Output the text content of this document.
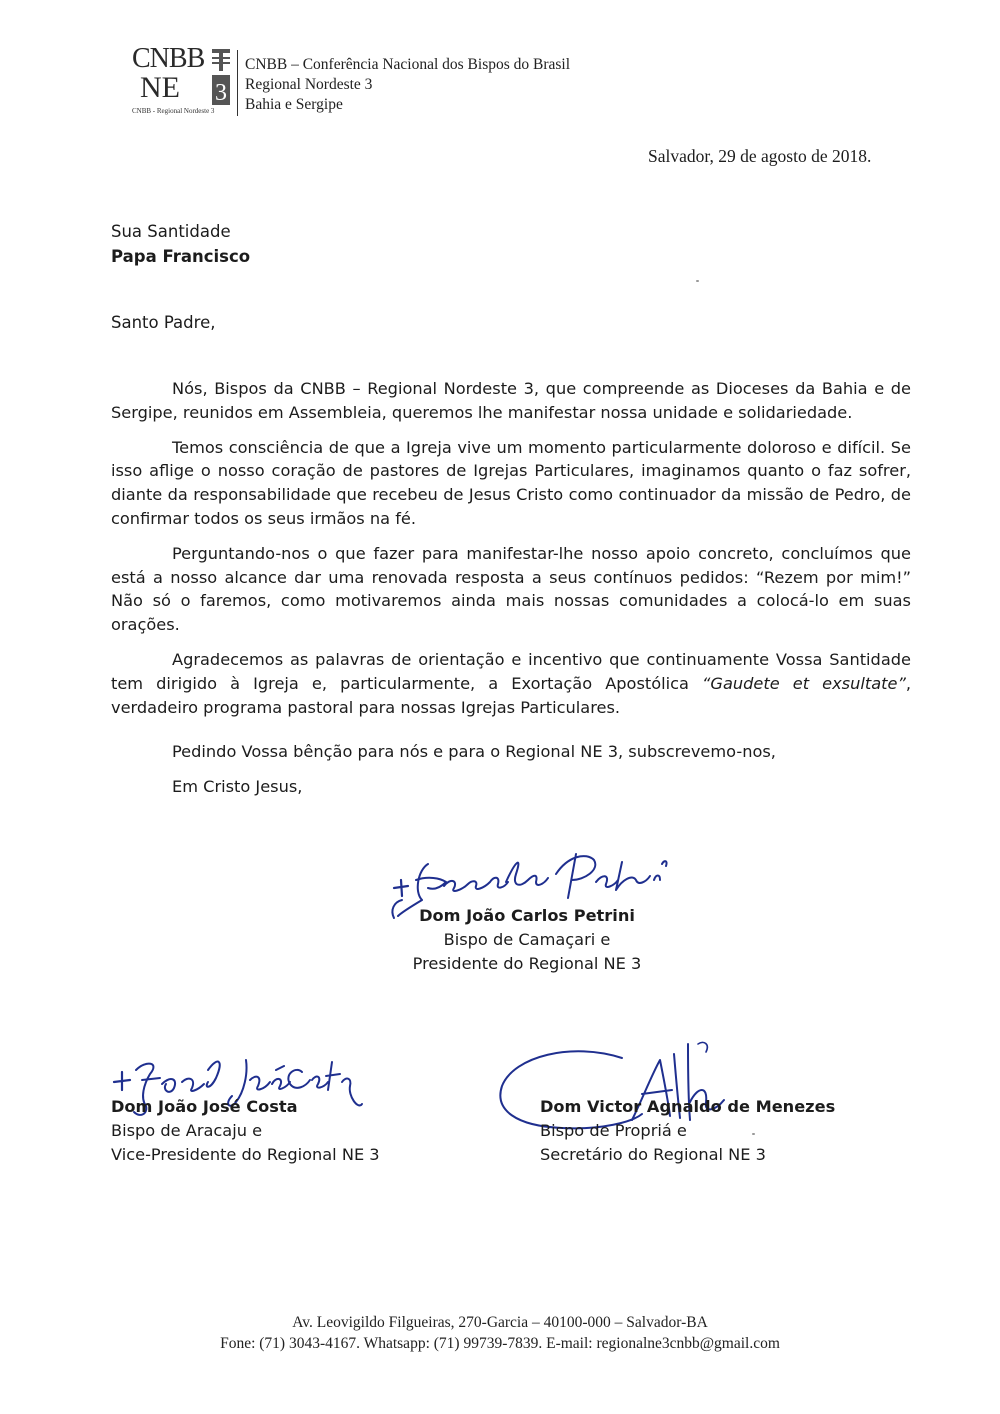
CNBB
NE 3
CNBB - Regional Nordeste 3
CNBB – Conferência Nacional dos Bispos do Brasil
Regional Nordeste 3
Bahia e Sergipe
Salvador, 29 de agosto de 2018.
Sua Santidade
Papa Francisco
Santo Padre,

Nós, Bispos da CNBB – Regional Nordeste 3, que compreende as Dioceses da Bahia e de Sergipe, reunidos em Assembleia, queremos lhe manifestar nossa unidade e solidariedade.

Temos consciência de que a Igreja vive um momento particularmente doloroso e difícil. Se isso aflige o nosso coração de pastores de Igrejas Particulares, imaginamos quanto o faz sofrer, diante da responsabilidade que recebeu de Jesus Cristo como continuador da missão de Pedro, de confirmar todos os seus irmãos na fé.

Perguntando-nos o que fazer para manifestar-lhe nosso apoio concreto, concluímos que está a nosso alcance dar uma renovada resposta a seus contínuos pedidos: “Rezem por mim!” Não só o faremos, como motivaremos ainda mais nossas comunidades a colocá-lo em suas orações.

Agradecemos as palavras de orientação e incentivo que continuamente Vossa Santidade tem dirigido à Igreja e, particularmente, a Exortação Apostólica “Gaudete et exsultate”, verdadeiro programa pastoral para nossas Igrejas Particulares.

Pedindo Vossa bênção para nós e para o Regional NE 3, subscrevemo-nos,
Em Cristo Jesus,
Dom João Carlos Petrini
Bispo de Camaçari e
Presidente do Regional NE 3
Dom João José Costa
Bispo de Aracaju e
Vice-Presidente do Regional NE 3
Dom Victor Agnaldo de Menezes
Bispo de Propriá e
Secretário do Regional NE 3
Av. Leovigildo Filgueiras, 270-Garcia – 40100-000 – Salvador-BA
Fone: (71) 3043-4167. Whatsapp: (71) 99739-7839. E-mail: regionalne3cnbb@gmail.com
